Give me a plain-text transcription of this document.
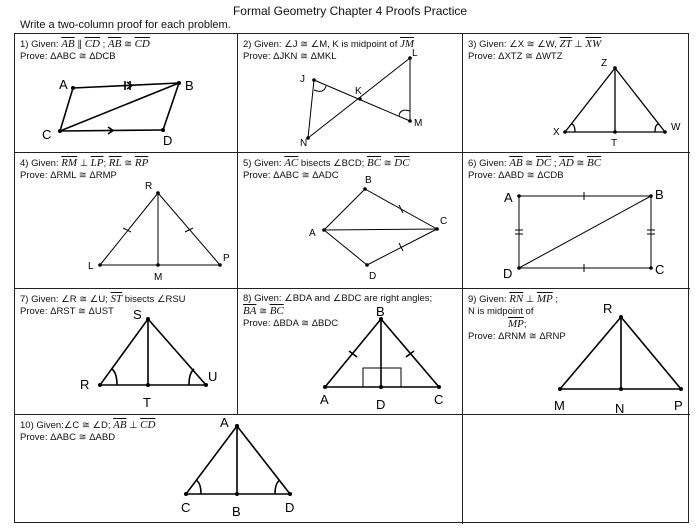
Formal Geometry Chapter 4 Proofs Practice
Write a two-column proof for each problem.
1) Given: $\overline{AB}$ ∥ $\overline{CD}$ ; $\overline{AB}$ ≅ $\overline{CD}$
Prove: ΔABC ≅ ΔDCB
A	B
C	D
2) Given: ∠J ≅ ∠M, K is midpoint of $\overline{JM}$
Prove: ΔJKN ≅ ΔMKL
J
K
L
M
N
3) Given: ∠X ≅ ∠W, $\overline{ZT}$ ⊥ $\overline{XW}$
Prove: ΔXTZ ≅ ΔWTZ
Z
X	W
T
4) Given: $\overline{RM}$ ⊥ $\overline{LP}$; $\overline{RL}$ ≅ $\overline{RP}$
Prove: ΔRML ≅ ΔRMP
R
L
M
P
5) Given: $\overline{AC}$ bisects ∠BCD; $\overline{BC}$ ≅ $\overline{DC}$
Prove: ΔABC ≅ ΔADC	B
A
C
D
6) Given: $\overline{AB}$ ≅ $\overline{DC}$ ; $\overline{AD}$ ≅ $\overline{BC}$
Prove: ΔABD ≅ ΔCDB
A	B
C
D
7) Given: ∠R ≅ ∠U; $\overline{ST}$ bisects ∠RSU
Prove: ΔRST ≅ ΔUST	S
R
U
T
8) Given: ∠BDA and ∠BDC are right angles;
$\overline{BA}$ ≅ $\overline{BC}$
Prove: ΔBDA ≅ ΔBDC
B
A	D	C
9) Given: $\overline{RN}$ ⊥ $\overline{MP}$ ;
N is midpoint of
$\overline{MP}$;
Prove: ΔRNM ≅ ΔRNP
R
M	N	P
10) Given:∠C ≅ ∠D; $\overline{AB}$ ⊥ $\overline{CD}$
Prove: ΔABC ≅ ΔABD
A
C	B	D
